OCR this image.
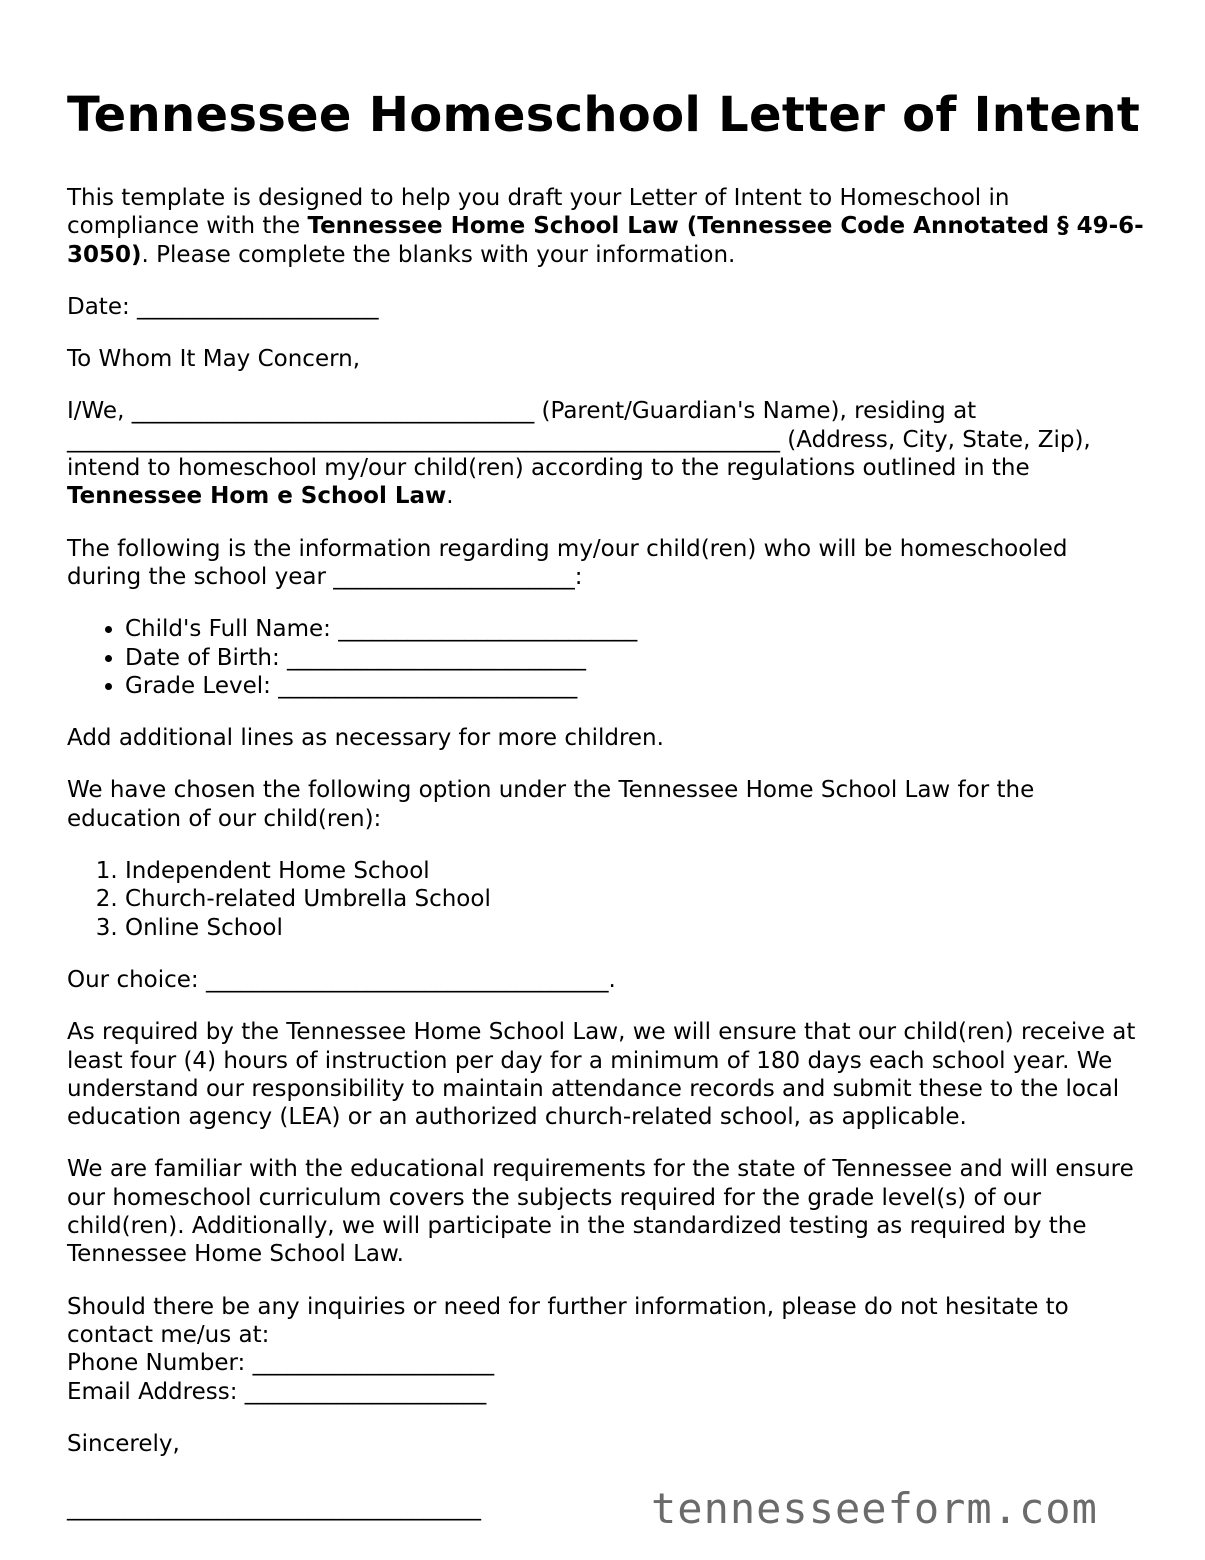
Tennessee Homeschool Letter of Intent

This template is designed to help you draft your Letter of Intent to Homeschool in compliance with the Tennessee Home School Law (Tennessee Code Annotated § 49-6-3050). Please complete the blanks with your information.

Date: _____________________

To Whom It May Concern,

I/We, ___________________________________ (Parent/Guardian's Name), residing at ______________________________________________________________ (Address, City, State, Zip), intend to homeschool my/our child(ren) according to the regulations outlined in the Tennessee Hom e School Law.

The following is the information regarding my/our child(ren) who will be homeschooled during the school year _____________________:

• Child's Full Name: __________________________
• Date of Birth: __________________________
• Grade Level: __________________________

Add additional lines as necessary for more children.

We have chosen the following option under the Tennessee Home School Law for the education of our child(ren):

1. Independent Home School
2. Church-related Umbrella School
3. Online School

Our choice: ___________________________________.

As required by the Tennessee Home School Law, we will ensure that our child(ren) receive at least four (4) hours of instruction per day for a minimum of 180 days each school year. We understand our responsibility to maintain attendance records and submit these to the local education agency (LEA) or an authorized church-related school, as applicable.

We are familiar with the educational requirements for the state of Tennessee and will ensure our homeschool curriculum covers the subjects required for the grade level(s) of our child(ren). Additionally, we will participate in the standardized testing as required by the Tennessee Home School Law.

Should there be any inquiries or need for further information, please do not hesitate to contact me/us at:
Phone Number: _____________________
Email Address: _____________________

Sincerely,

____________________________________	tennesseeform.com
